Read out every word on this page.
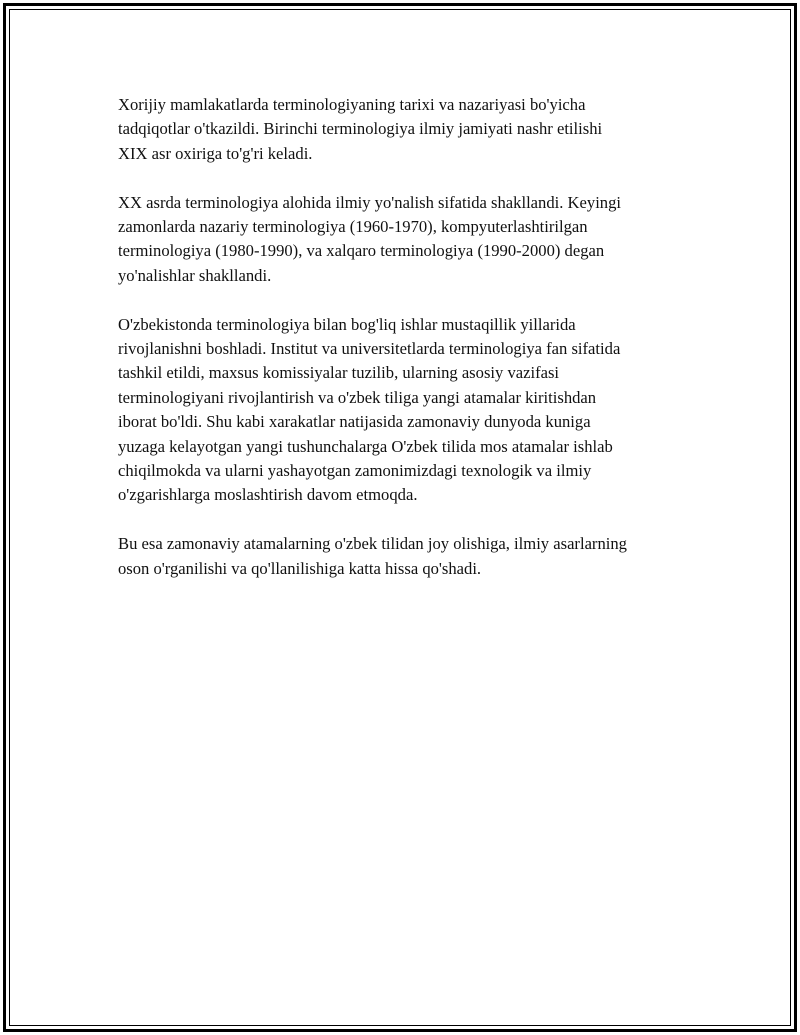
Xorijiy mamlakatlarda terminologiyaning tarixi va nazariyasi bo'yicha
tadqiqotlar o'tkazildi. Birinchi terminologiya ilmiy jamiyati nashr etilishi
XIX asr oxiriga to'g'ri keladi.

XX asrda terminologiya alohida ilmiy yo'nalish sifatida shakllandi. Keyingi
zamonlarda nazariy terminologiya (1960-1970), kompyuterlashtirilgan
terminologiya (1980-1990), va xalqaro terminologiya (1990-2000) degan
yo'nalishlar shakllandi.

O'zbekistonda terminologiya bilan bog'liq ishlar mustaqillik yillarida
rivojlanishni boshladi. Institut va universitetlarda terminologiya fan sifatida
tashkil etildi, maxsus komissiyalar tuzilib, ularning asosiy vazifasi
terminologiyani rivojlantirish va o'zbek tiliga yangi atamalar kiritishdan
iborat bo'ldi. Shu kabi xarakatlar natijasida zamonaviy dunyoda kuniga
yuzaga kelayotgan yangi tushunchalarga O'zbek tilida mos atamalar ishlab
chiqilmokda va ularni yashayotgan zamonimizdagi texnologik va ilmiy
o'zgarishlarga moslashtirish davom etmoqda.

Bu esa zamonaviy atamalarning o'zbek tilidan joy olishiga, ilmiy asarlarning
oson o'rganilishi va qo'llanilishiga katta hissa qo'shadi.
